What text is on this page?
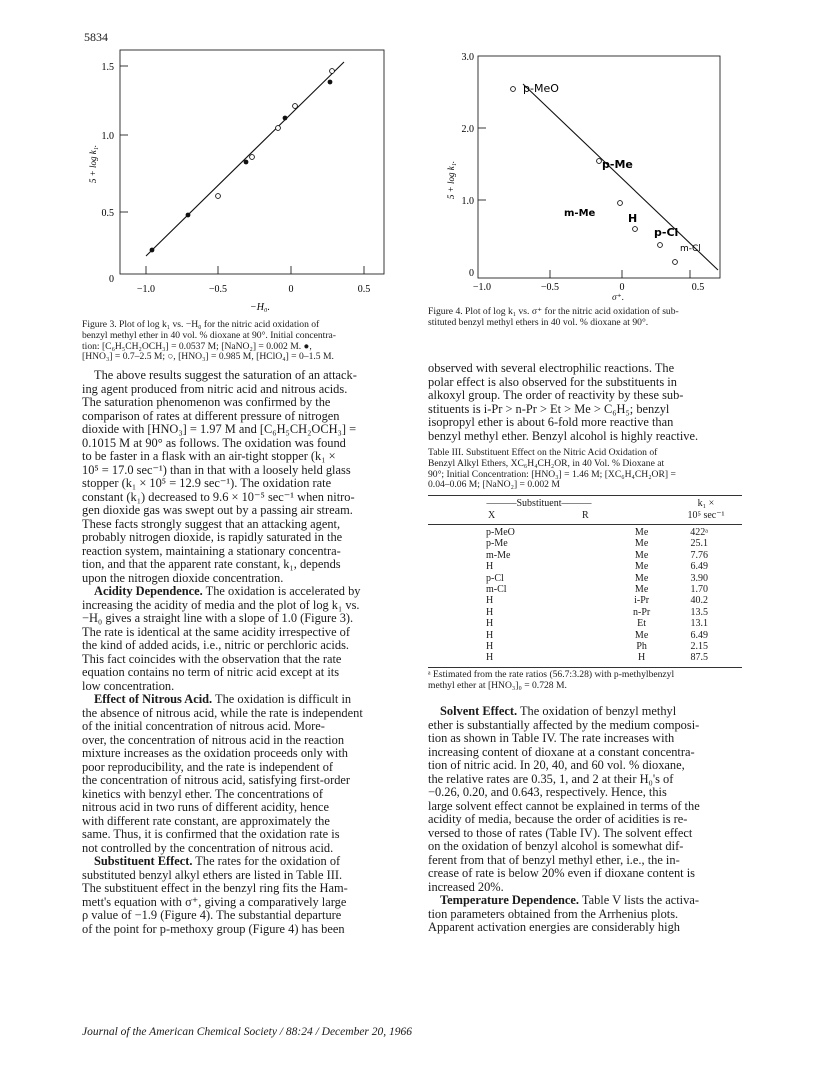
5834
1.5
1.0
0.5
0
−1.0	−0.5	0	0.5
−H₀.
5 + log k₁.
Figure 3. Plot of log k₁ vs. −H₀ for the nitric acid oxidation of
benzyl methyl ether in 40 vol. % dioxane at 90°. Initial concentra-
tion: [C₆H₅CH₂OCH₃] = 0.0537 M; [NaNO₂] = 0.002 M. ●,
[HNO₃] = 0.7–2.5 M; ○, [HNO₃] = 0.985 M, [HClO₄] = 0–1.5 M.
p-MeO
p-Me
m-Me	H
p-Cl
m-Cl
3.0
2.0
1.0
0
−1.0	−0.5	0	0.5
5 + log k₁.
σ⁺.
Figure 4. Plot of log k₁ vs. σ⁺ for the nitric acid oxidation of sub-
stituted benzyl methyl ethers in 40 vol. % dioxane at 90°.
The above results suggest the saturation of an attack-
ing agent produced from nitric acid and nitrous acids.
The saturation phenomenon was confirmed by the
comparison of rates at different pressure of nitrogen
dioxide with [HNO₃] = 1.97 M and [C₆H₅CH₂OCH₃] =
0.1015 M at 90° as follows. The oxidation was found
to be faster in a flask with an air-tight stopper (k₁ ×
10⁵ = 17.0 sec⁻¹) than in that with a loosely held glass
stopper (k₁ × 10⁵ = 12.9 sec⁻¹). The oxidation rate
constant (k₁) decreased to 9.6 × 10⁻⁵ sec⁻¹ when nitro-
gen dioxide gas was swept out by a passing air stream.
These facts strongly suggest that an attacking agent,
probably nitrogen dioxide, is rapidly saturated in the
reaction system, maintaining a stationary concentra-
tion, and that the apparent rate constant, k₁, depends
upon the nitrogen dioxide concentration.
Acidity Dependence. The oxidation is accelerated by
increasing the acidity of media and the plot of log k₁ vs.
−H₀ gives a straight line with a slope of 1.0 (Figure 3).
The rate is identical at the same acidity irrespective of
the kind of added acids, i.e., nitric or perchloric acids.
This fact coincides with the observation that the rate
equation contains no term of nitric acid except at its
low concentration.
Effect of Nitrous Acid. The oxidation is difficult in
the absence of nitrous acid, while the rate is independent
of the initial concentration of nitrous acid. More-
over, the concentration of nitrous acid in the reaction
mixture increases as the oxidation proceeds only with
poor reproducibility, and the rate is independent of
the concentration of nitrous acid, satisfying first-order
kinetics with benzyl ether. The concentrations of
nitrous acid in two runs of different acidity, hence
with different rate constant, are approximately the
same. Thus, it is confirmed that the oxidation rate is
not controlled by the concentration of nitrous acid.
Substituent Effect. The rates for the oxidation of
substituted benzyl alkyl ethers are listed in Table III.
The substituent effect in the benzyl ring fits the Ham-
mett's equation with σ⁺, giving a comparatively large
ρ value of −1.9 (Figure 4). The substantial departure
of the point for p-methoxy group (Figure 4) has been
observed with several electrophilic reactions. The
polar effect is also observed for the substituents in
alkoxyl group. The order of reactivity by these sub-
stituents is i-Pr > n-Pr > Et > Me > C₆H₅; benzyl
isopropyl ether is about 6-fold more reactive than
benzyl methyl ether. Benzyl alcohol is highly reactive.
Table III. Substituent Effect on the Nitric Acid Oxidation of
Benzyl Alkyl Ethers, XC₆H₄CH₂OR, in 40 Vol. % Dioxane at
90°; Initial Concentration: [HNO₃] = 1.46 M; [XC₆H₄CH₂OR] =
0.04–0.06 M; [NaNO₂] = 0.002 M
———Substituent———
X	R
k₁ ×
10⁵ sec⁻¹
p-MeO	Me	422ᵃ
p-Me	Me	25.1
m-Me	Me	7.76
H	Me	6.49
p-Cl	Me	3.90
m-Cl	Me	1.70
H	i-Pr	40.2
H	n-Pr	13.5
H	Et	13.1
H	Me	6.49
H	Ph	2.15
H	H	87.5
ᵃ Estimated from the rate ratios (56.7:3.28) with p-methylbenzyl
methyl ether at [HNO₃]₀ = 0.728 M.
Solvent Effect. The oxidation of benzyl methyl
ether is substantially affected by the medium composi-
tion as shown in Table IV. The rate increases with
increasing content of dioxane at a constant concentra-
tion of nitric acid. In 20, 40, and 60 vol. % dioxane,
the relative rates are 0.35, 1, and 2 at their H₀'s of
−0.26, 0.20, and 0.643, respectively. Hence, this
large solvent effect cannot be explained in terms of the
acidity of media, because the order of acidities is re-
versed to those of rates (Table IV). The solvent effect
on the oxidation of benzyl alcohol is somewhat dif-
ferent from that of benzyl methyl ether, i.e., the in-
crease of rate is below 20% even if dioxane content is
increased 20%.
Temperature Dependence. Table V lists the activa-
tion parameters obtained from the Arrhenius plots.
Apparent activation energies are considerably high
Journal of the American Chemical Society / 88:24 / December 20, 1966
